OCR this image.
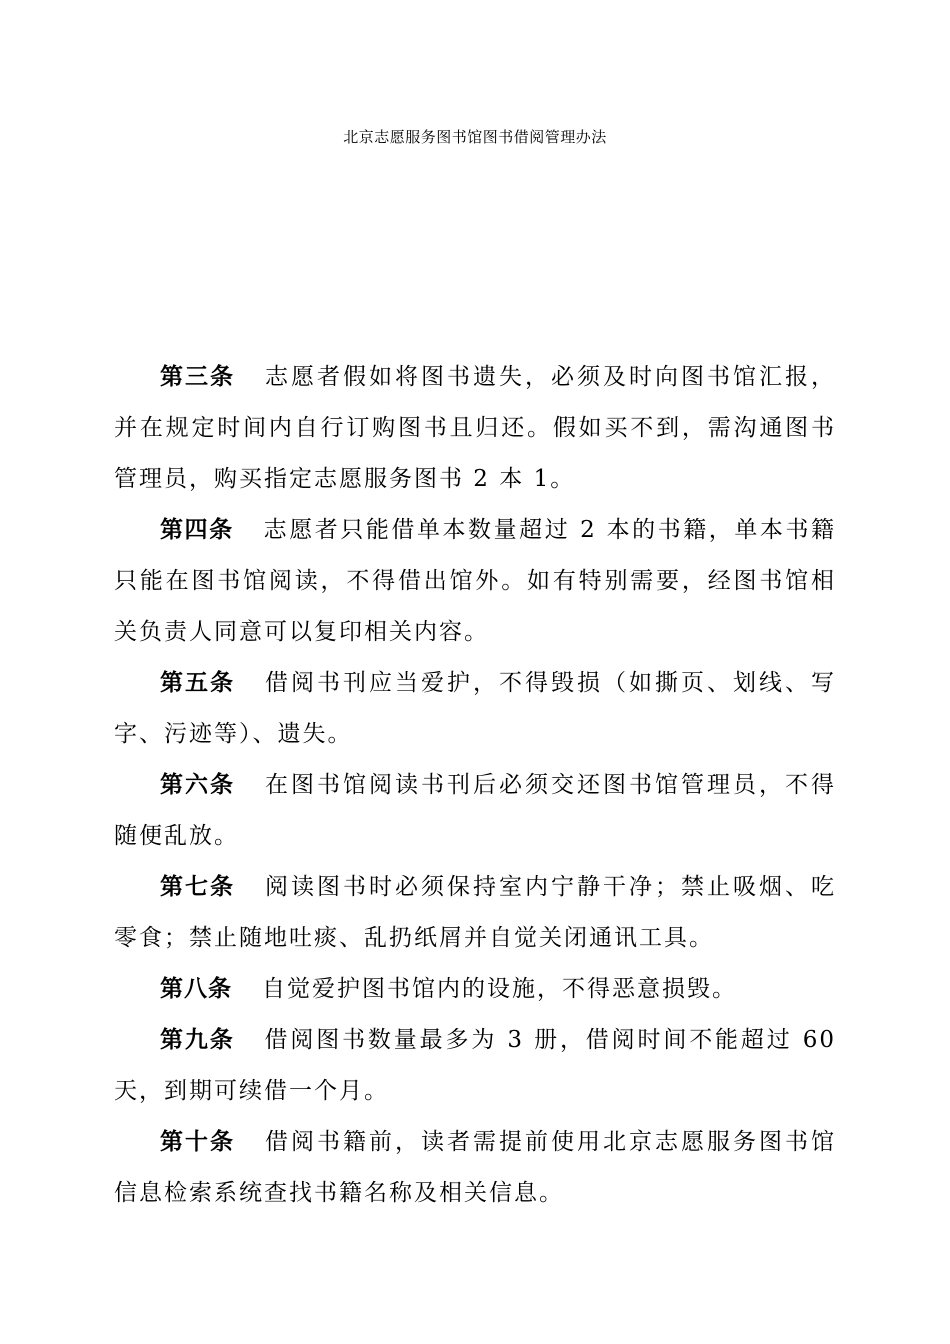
北京志愿服务图书馆图书借阅管理办法

第三条 志愿者假如将图书遗失，必须及时向图书馆汇报，并在规定时间内自行订购图书且归还。假如买不到，需沟通图书管理员，购买指定志愿服务图书 2 本 1。

第四条 志愿者只能借单本数量超过 2 本的书籍，单本书籍只能在图书馆阅读，不得借出馆外。如有特别需要，经图书馆相关负责人同意可以复印相关内容。

第五条 借阅书刊应当爱护，不得毁损（如撕页、划线、写字、污迹等）、遗失。

第六条 在图书馆阅读书刊后必须交还图书馆管理员，不得随便乱放。

第七条 阅读图书时必须保持室内宁静干净；禁止吸烟、吃零食；禁止随地吐痰、乱扔纸屑并自觉关闭通讯工具。

第八条 自觉爱护图书馆内的设施，不得恶意损毁。

第九条 借阅图书数量最多为 3 册，借阅时间不能超过 60 天，到期可续借一个月。

第十条 借阅书籍前，读者需提前使用北京志愿服务图书馆信息检索系统查找书籍名称及相关信息。
